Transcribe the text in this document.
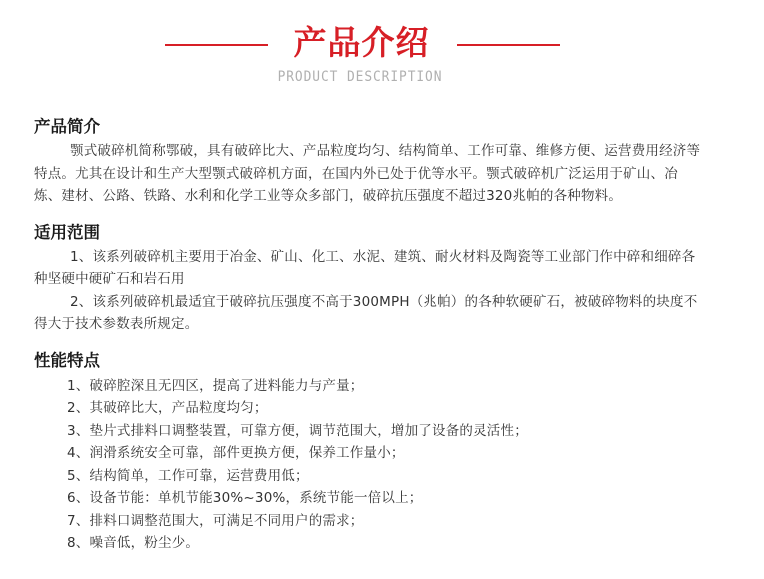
产品介绍
PRODUCT DESCRIPTION
产品简介

颚式破碎机简称鄂破，具有破碎比大、产品粒度均匀、结构简单、工作可靠、维修方便、运营费用经济等特点。尤其在设计和生产大型颚式破碎机方面，在国内外已处于优等水平。颚式破碎机广泛运用于矿山、冶炼、建材、公路、铁路、水利和化学工业等众多部门，破碎抗压强度不超过320兆帕的各种物料。

适用范围

1、该系列破碎机主要用于冶金、矿山、化工、水泥、建筑、耐火材料及陶瓷等工业部门作中碎和细碎各种坚硬中硬矿石和岩石用

2、该系列破碎机最适宜于破碎抗压强度不高于300MPH（兆帕）的各种软硬矿石，被破碎物料的块度不得大于技术参数表所规定。

性能特点
1、破碎腔深且无四区，提高了进料能力与产量；
2、其破碎比大，产品粒度均匀；
3、垫片式排料口调整装置，可靠方便，调节范围大，增加了设备的灵活性；
4、润滑系统安全可靠，部件更换方便，保养工作量小；
5、结构简单，工作可靠，运营费用低；
6、设备节能：单机节能30%~30%，系统节能一倍以上；
7、排料口调整范围大，可满足不同用户的需求；
8、噪音低，粉尘少。
